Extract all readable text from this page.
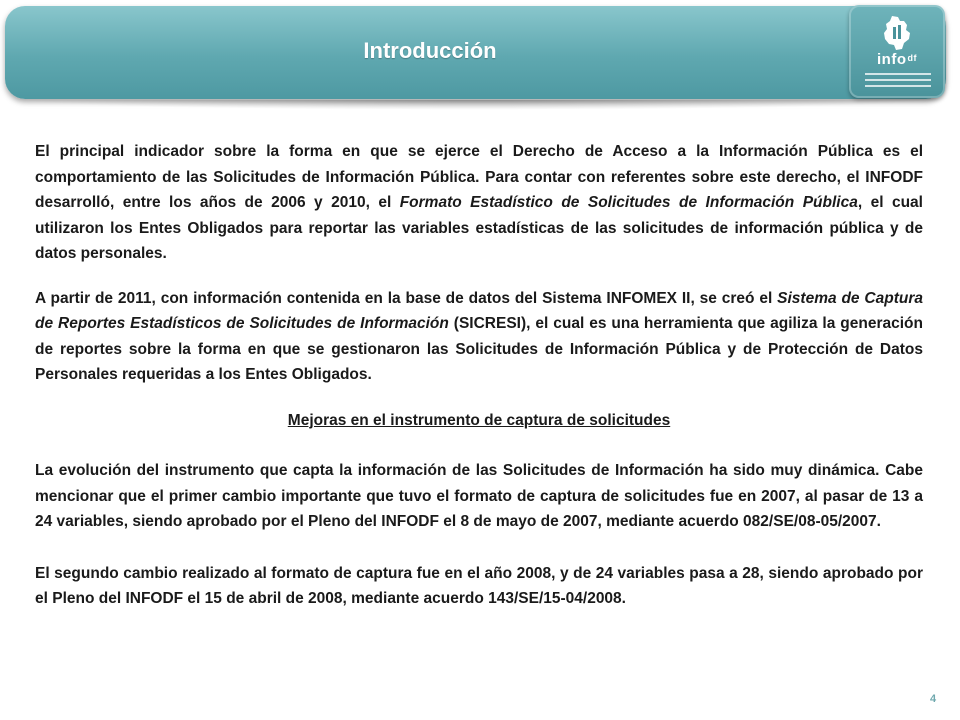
Introducción	info$^{df}$

El principal indicador sobre la forma en que se ejerce el Derecho de Acceso a la Información Pública es el comportamiento de las Solicitudes de Información Pública. Para contar con referentes sobre este derecho, el INFODF desarrolló, entre los años de 2006 y 2010, el Formato Estadístico de Solicitudes de Información Pública, el cual utilizaron los Entes Obligados para reportar las variables estadísticas de las solicitudes de información pública y de datos personales.

A partir de 2011, con información contenida en la base de datos del Sistema INFOMEX II, se creó el Sistema de Captura de Reportes Estadísticos de Solicitudes de Información (SICRESI), el cual es una herramienta que agiliza la generación de reportes sobre la forma en que se gestionaron las Solicitudes de Información Pública y de Protección de Datos Personales requeridas a los Entes Obligados.

Mejoras en el instrumento de captura de solicitudes

La evolución del instrumento que capta la información de las Solicitudes de Información ha sido muy dinámica. Cabe mencionar que el primer cambio importante que tuvo el formato de captura de solicitudes fue en 2007, al pasar de 13 a 24 variables, siendo aprobado por el Pleno del INFODF el 8 de mayo de 2007, mediante acuerdo 082/SE/08-05/2007.

El segundo cambio realizado al formato de captura fue en el año 2008, y de 24 variables pasa a 28, siendo aprobado por el Pleno del INFODF el 15 de abril de 2008, mediante acuerdo 143/SE/15-04/2008.

4
